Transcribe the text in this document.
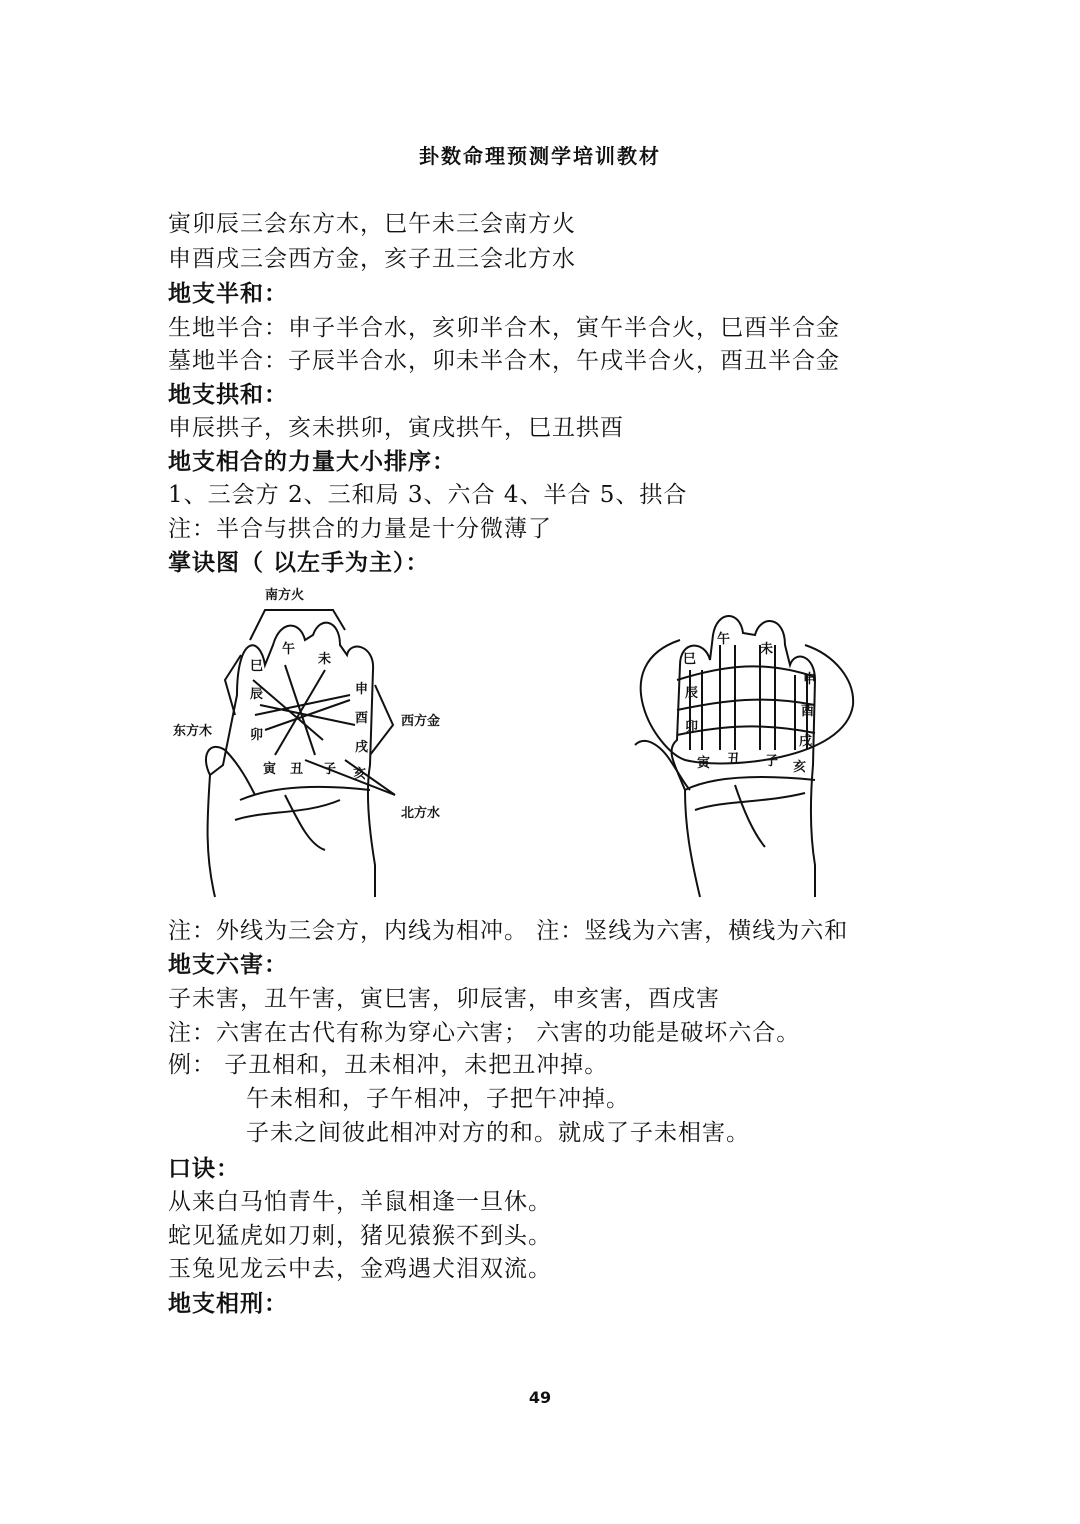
卦数命理预测学培训教材
寅卯辰三会东方木，巳午未三会南方火
申酉戌三会西方金，亥子丑三会北方水
地支半和：
生地半合：申子半合水，亥卯半合木，寅午半合火，巳酉半合金
墓地半合：子辰半合水，卯未半合木，午戌半合火，酉丑半合金
地支拱和：
申辰拱子，亥未拱卯，寅戌拱午，巳丑拱酉
地支相合的力量大小排序：
1、三会方 2、三和局 3、六合 4、半合 5、拱合
注：半合与拱合的力量是十分微薄了
掌诀图（ 以左手为主）：
南方火
东方木
西方金
北方水
巳
午
未
申
辰
酉
卯
戌
寅 丑 子 亥
巳
午
未
申
辰
酉
卯
戌
寅 丑 子 亥
注：外线为三会方，内线为相冲。 注：竖线为六害，横线为六和
地支六害：
子未害，丑午害，寅巳害，卯辰害，申亥害，酉戌害
注：六害在古代有称为穿心六害； 六害的功能是破坏六合。
例： 子丑相和，丑未相冲，未把丑冲掉。
午未相和，子午相冲，子把午冲掉。
子未之间彼此相冲对方的和。就成了子未相害。
口诀：
从来白马怕青牛，羊鼠相逢一旦休。
蛇见猛虎如刀刺，猪见猿猴不到头。
玉兔见龙云中去，金鸡遇犬泪双流。
地支相刑：
49
